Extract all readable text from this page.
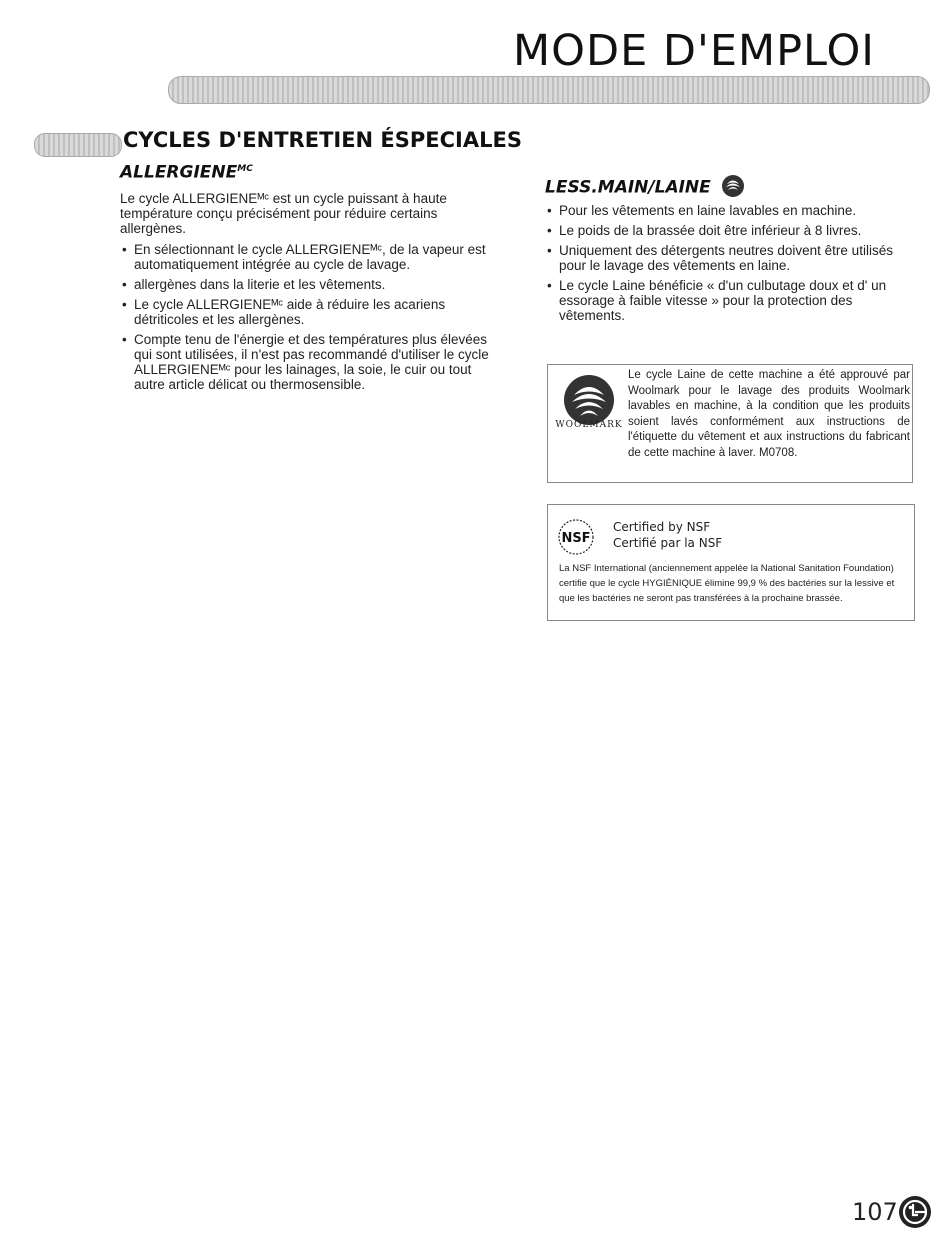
MODE D'EMPLOI
CYCLES D'ENTRETIEN ÉSPECIALES
$ALLERGIENE^{MC}$

Le cycle ALLERGIENEᴹᶜ est un cycle puissant à haute température conçu précisément pour réduire certains allergènes.

• En sélectionnant le cycle ALLERGIENEᴹᶜ, de la vapeur est automatiquement intégrée au cycle de lavage.
• allergènes dans la literie et les vêtements.
• Le cycle ALLERGIENEᴹᶜ aide à réduire les acariens détriticoles et les allergènes.
• Compte tenu de l'énergie et des températures plus élevées qui sont utilisées, il n'est pas recommandé d'utiliser le cycle ALLERGIENEᴹᶜ pour les lainages, la soie, le cuir ou tout autre article délicat ou thermosensible.
LESS.MAIN/LAINE
• Pour les vêtements en laine lavables en machine.
• Le poids de la brassée doit être inférieur à 8 livres.
• Uniquement des détergents neutres doivent être utilisés pour le lavage des vêtements en laine.
• Le cycle Laine bénéficie « d'un culbutage doux et d' un essorage à faible vitesse » pour la protection des vêtements.
WOOLMARK
Le cycle Laine de cette machine a été approuvé par Woolmark pour le lavage des produits Woolmark lavables en machine, à la condition que les produits soient lavés conformément aux instructions de l'étiquette du vêtement et aux instructions du fabricant de cette machine à laver. M0708.
NSF
Certified by NSF
Certifié par la NSF
La NSF International (anciennement appelée la National Sanitation Foundation) certifie que le cycle HYGIÉNIQUE élimine 99,9 % des bactéries sur la lessive et que les bactéries ne seront pas transférées à la prochaine brassée.
107
